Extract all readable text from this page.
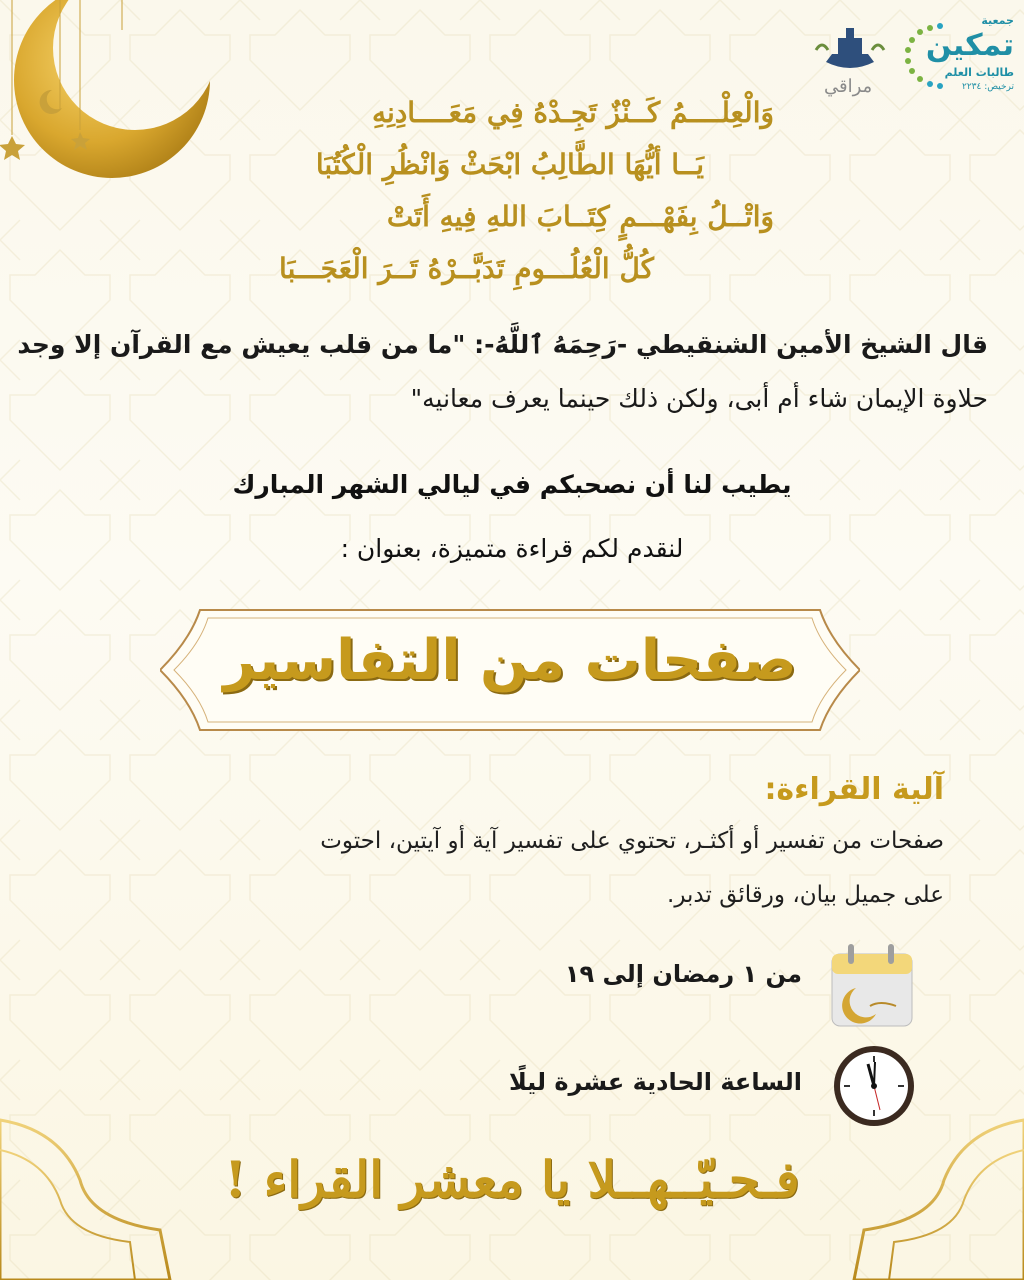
جمعية
تمكين
طالبات العلم
ترخيص: ٢٢٣٤
مراقي
وَالْعِلْــــمُ كَــنْزٌ تَجِـدْهُ فِي مَعَــــادِنِهِ
يَــا أيُّهَا الطَّالِبُ ابْحَثْ وَانْظُرِ الْكُتُبَا
وَاتْــلُ بِفَهْـــمٍ كِتَــابَ اللهِ فِيهِ أَتَتْ
كُلُّ الْعُلُـــومِ تَدَبَّــرْهُ تَــرَ الْعَجَـــبَا
قال الشيخ الأمين الشنقيطي -رَحِمَهُ ٱللَّهُ-: "ما من قلب يعيش مع القرآن إلا وجد
حلاوة الإيمان شاء أم أبى، ولكن ذلك حينما يعرف معانيه"
يطيب لنا أن نصحبكم في ليالي الشهر المبارك
لنقدم لكم قراءة متميزة، بعنوان :
صفحات من التفاسير
آلية القراءة:
صفحات من تفسير أو أكثـر، تحتوي على تفسير آية أو آيتين، احتوت
على جميل بيان، ورقائق تدبر.
من ١ رمضان إلى ١٩
الساعة الحادية عشرة ليلًا
فـحـيّــهــلا يا معشر القراء !
